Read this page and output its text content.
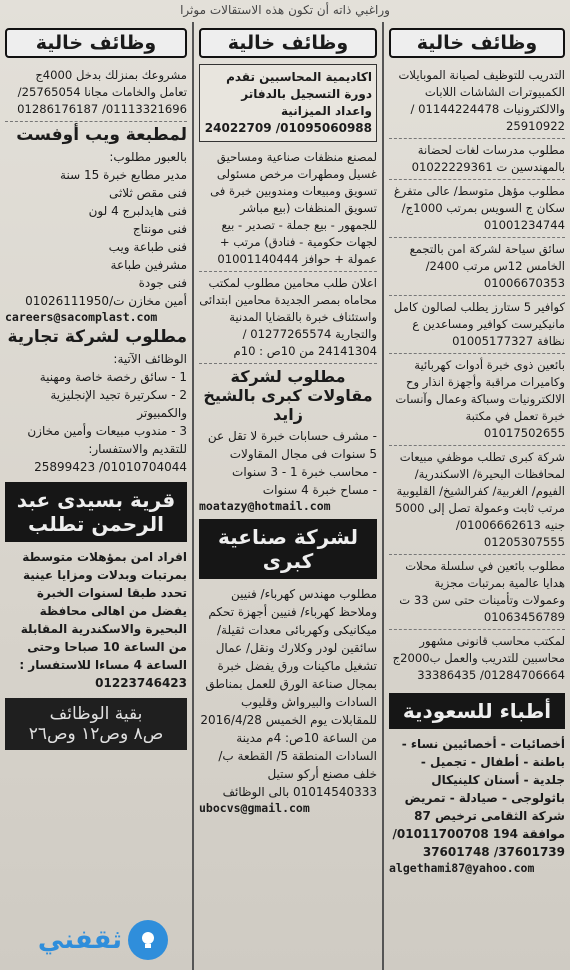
وراغبي ذاته أن تكون هذه الاستقالات موثرا
وظائف خالية
التدريب للتوظيف لصيانة الموبايلات الكمبيوترات الشاشات اللابات والالكترونيات 01144224478 / 25910922
مطلوب مدرسات لغات لحضانة بالمهندسين ت 01022229361
مطلوب مؤهل متوسط/ عالى متفرغ سكان ج السويس بمرتب 1000ج/ 01001234744
سائق سياحة لشركة امن بالتجمع الخامس 12س مرتب 2400/ 01006670353
كوافير 5 ستارز يطلب لصالون كامل مانيكيرست كوافير ومساعدين ع نظافة 01005177327
بائعين ذوى خبرة أدوات كهربائية وكاميرات مراقبة وأجهزة انذار وح الالكترونيات وسباكة وعمال وآنسات خبرة تعمل في مكتبة 01017502655
شركة كبرى تطلب موظفي مبيعات لمحافظات البحيرة/ الاسكندرية/ الفيوم/ الغربية/ كفرالشيخ/ القليوبية مرتب ثابت وعمولة تصل إلى 5000 جنيه 01006662613/ 01205307555
مطلوب بائعين في سلسلة محلات هدايا عالمية بمرتبات مجزية وعمولات وتأمينات حتى سن 33 ت 01063456789
لمكتب محاسب قانونى مشهور محاسبين للتدريب والعمل ب2000ج 01284706664/ 33386435
أطباء للسعودية
أخصائيات - أخصائيين نساء - باطنة - أطفال - تجميل - جلدية - أسنان كلينيكال باثولوجى - صيادلة - تمريض شركة الثقامى ترخيص 87 موافقة 194 01011700708/ 37601739/ 37601748
algethami87@yahoo.com
وظائف خالية
اكاديمية المحاسبين تقدم دورة التسجيل بالدفاتر واعداد الميزانية 01095060988/ 24022709
لمصنع منظفات صناعية ومساحيق غسيل ومطهرات مرخص مسئولى تسويق ومبيعات ومندوبين خبرة فى تسويق المنظفات (بيع مباشر للجمهور - بيع جملة - تصدير - بيع لجهات حكومية - فنادق) مرتب + عمولة + حوافز 01001140444
اعلان طلب محامين مطلوب لمكتب محاماه بمصر الجديدة محامين ابتدائى واستئناف خبرة بالقضايا المدنية والتجارية 01277265574 / 24141304 من 10ص : 10م
مطلوب لشركة مقاولات كبرى بالشيخ زايد
- مشرف حسابات خبرة لا تقل عن 5 سنوات فى مجال المقاولات
- محاسب خبرة 1 - 3 سنوات
- مساح خبرة 4 سنوات
moatazy@hotmail.com
لشركة صناعية كبرى
مطلوب مهندس كهرباء/ فنيين وملاحظ كهرباء/ فنيين أجهزة تحكم ميكانيكى وكهربائى معدات ثقيلة/ سائقين لودر وكلارك ونقل/ عمال تشغيل ماكينات ورق يفضل خبرة بمجال صناعة الورق للعمل بمناطق السادات والبيرواش وقليوب للمقابلات يوم الخميس 2016/4/28 من الساعة 10ص: 4م مدينة السادات المنطقة 5/ القطعة ب/ خلف مصنع أركو ستيل 01014540333 بالى الوظائف
ubocvs@gmail.com
وظائف خالية
مشروعك بمنزلك بدخل 4000ج تعامل والخامات مجانا 25765054/ 01113321696/ 01286176187
لمطبعة ويب أوفست
بالعبور مطلوب:
مدير مطابع خبرة 15 سنة
فنى مقص ثلاثى
فنى هايدلبرج 4 لون
فنى مونتاج
فنى طباعة ويب
مشرفين طباعة
فنى جودة
أمين مخازن ت/01026111950
careers@sacomplast.com
مطلوب لشركة تجارية
الوظائف الآتية:
1 - سائق رخصة خاصة ومهنية
2 - سكرتيرة تجيد الإنجليزية والكمبيوتر
3 - مندوب مبيعات وأمين مخازن للتقديم والاستفسار: 01010704044/ 25899423
قرية بسيدى عبد الرحمن تطلب
افراد امن بمؤهلات متوسطة بمرتبات وبدلات ومزايا عينية تحدد طبقا لسنوات الخبرة يفضل من اهالى محافظة البحيرة والاسكندرية المقابلة من الساعة 10 صباحا وحتى الساعة 4 مساءا للاستفسار : 01223746423
بقية الوظائف
ص٨ وص١٢ وص٢٦
ثقفني
